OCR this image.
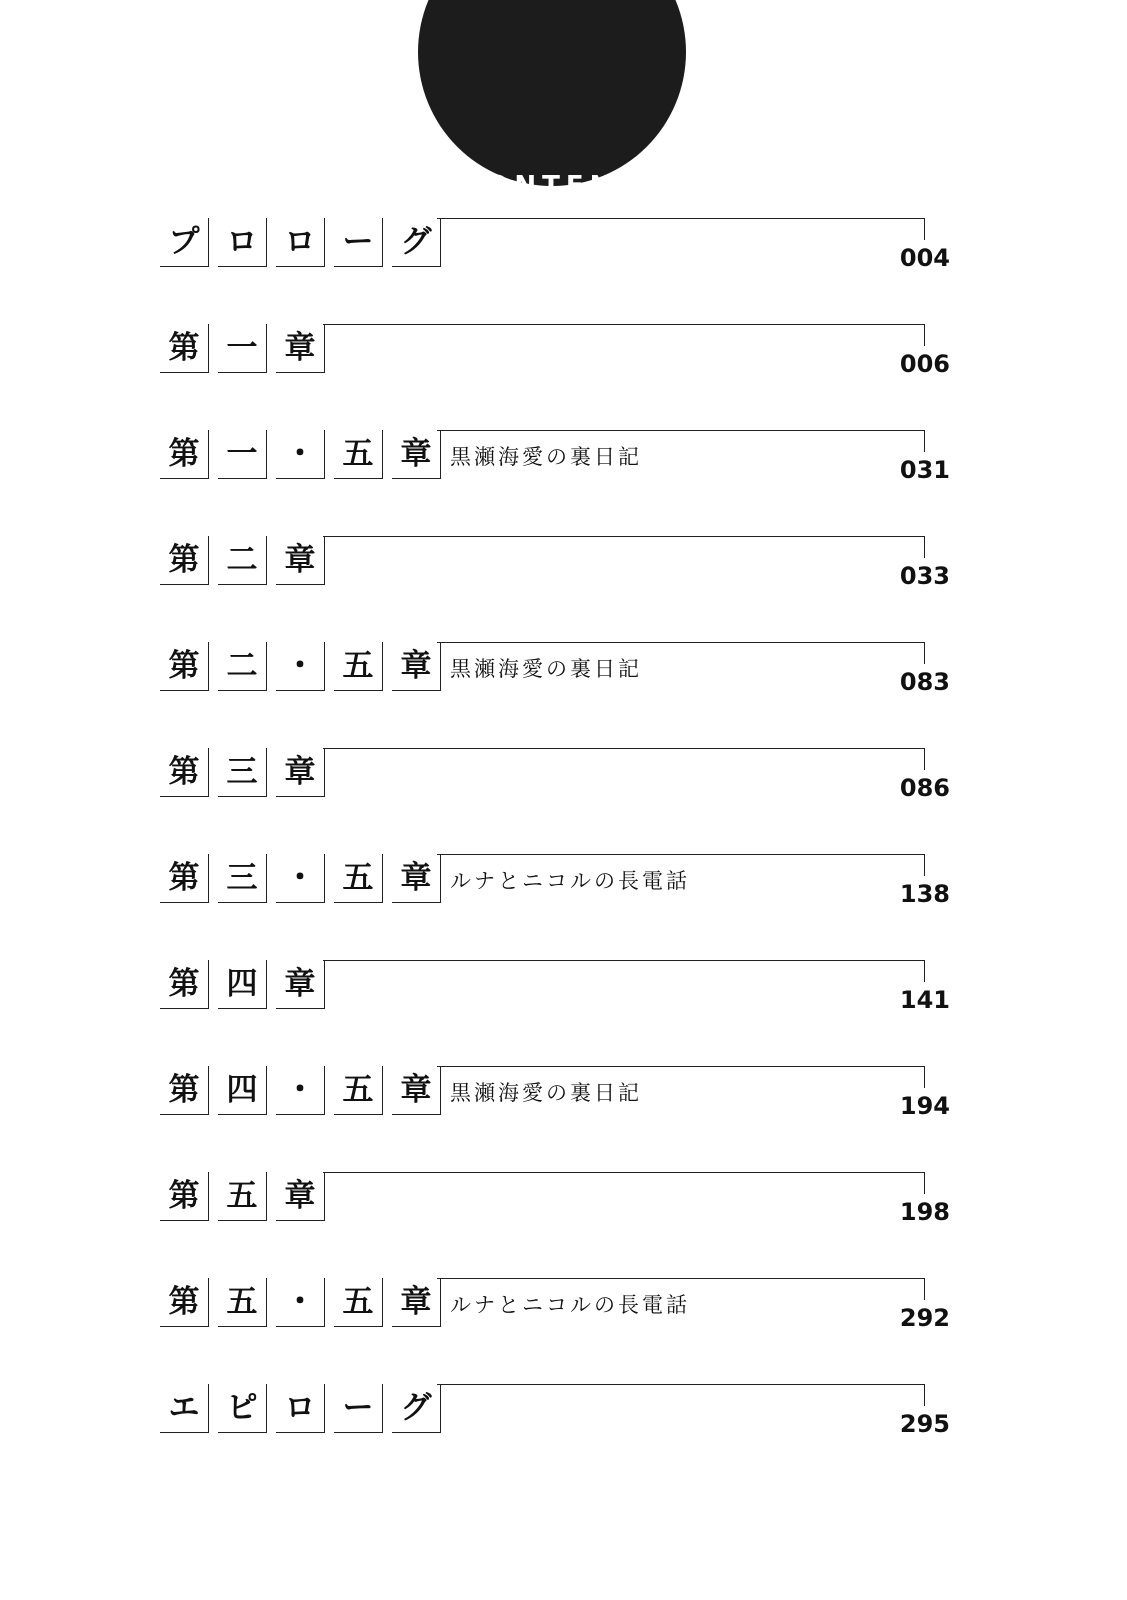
CONTENTS
プ ロ ロ ー グ	004
第 一 章	006
第 一 ・ 五 章 黒瀬海愛の裏日記	031
第 二 章	033
第 二 ・ 五 章 黒瀬海愛の裏日記	083
第 三 章	086
第 三 ・ 五 章 ルナとニコルの長電話	138
第 四 章	141
第 四 ・ 五 章 黒瀬海愛の裏日記	194
第 五 章	198
第 五 ・ 五 章 ルナとニコルの長電話	292
エ ピ ロ ー グ	295
